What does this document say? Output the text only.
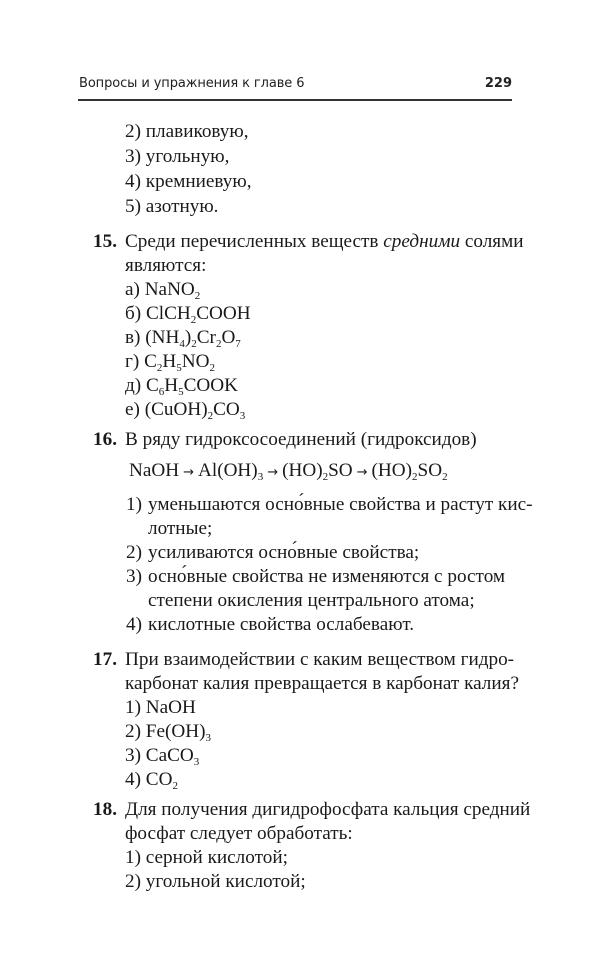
Вопросы и упражнения к главе 6	229
2) плавиковую,
3) угольную,
4) кремниевую,
5) азотную.
15. Среди перечисленных веществ средними солями
являются:
а) NaNO$_2$
б) ClCH$_2$COOH
в) $(NH_4)_2Cr_2O_7$
г) $C_2H_5NO_2$
д) $C_6H_5COOK$
е) $(CuOH)_2CO_3$
16. В ряду гидроксосоединений (гидроксидов)
NaOH → $Al(OH)_3 \to (HO)_2SO \to (HO)_2SO_2$
1) уменьшаются осно́вные свойства и растут кис-
лотные;
2) усиливаются осно́вные свойства;
3) осно́вные свойства не изменяются с ростом
степени окисления центрального атома;
4) кислотные свойства ослабевают.
17. При взаимодействии с каким веществом гидро-
карбонат калия превращается в карбонат калия?
1) NaOH
2) $Fe(OH)_3$
3) CaCO$_3$
4) $CO_2$
18. Для получения дигидрофосфата кальция средний
фосфат следует обработать:
1) серной кислотой;
2) угольной кислотой;
